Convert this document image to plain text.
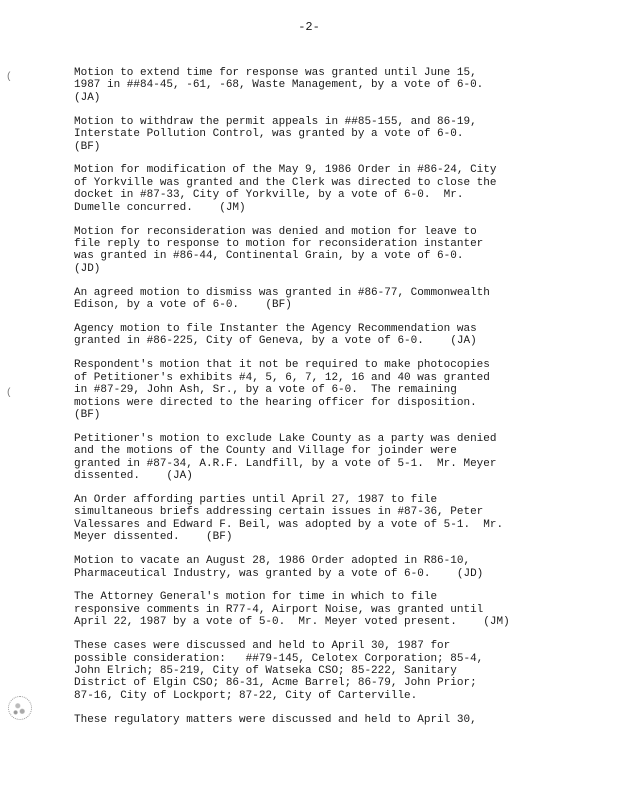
-2-
(
(
Motion to extend time for response was granted until June 15,
1987 in ##84-45, -61, -68, Waste Management, by a vote of 6-0.
(JA)
Motion to withdraw the permit appeals in ##85-155, and 86-19,
Interstate Pollution Control, was granted by a vote of 6-0.
(BF)
Motion for modification of the May 9, 1986 Order in #86-24, City
of Yorkville was granted and the Clerk was directed to close the
docket in #87-33, City of Yorkville, by a vote of 6-0.  Mr.
Dumelle concurred.    (JM)
Motion for reconsideration was denied and motion for leave to
file reply to response to motion for reconsideration instanter
was granted in #86-44, Continental Grain, by a vote of 6-0.
(JD)
An agreed motion to dismiss was granted in #86-77, Commonwealth
Edison, by a vote of 6-0.    (BF)
Agency motion to file Instanter the Agency Recommendation was
granted in #86-225, City of Geneva, by a vote of 6-0.    (JA)
Respondent's motion that it not be required to make photocopies
of Petitioner's exhibits #4, 5, 6, 7, 12, 16 and 40 was granted
in #87-29, John Ash, Sr., by a vote of 6-0.  The remaining
motions were directed to the hearing officer for disposition.
(BF)
Petitioner's motion to exclude Lake County as a party was denied
and the motions of the County and Village for joinder were
granted in #87-34, A.R.F. Landfill, by a vote of 5-1.  Mr. Meyer
dissented.    (JA)
An Order affording parties until April 27, 1987 to file
simultaneous briefs addressing certain issues in #87-36, Peter
Valessares and Edward F. Beil, was adopted by a vote of 5-1.  Mr.
Meyer dissented.    (BF)
Motion to vacate an August 28, 1986 Order adopted in R86-10,
Pharmaceutical Industry, was granted by a vote of 6-0.    (JD)
The Attorney General's motion for time in which to file
responsive comments in R77-4, Airport Noise, was granted until
April 22, 1987 by a vote of 5-0.  Mr. Meyer voted present.    (JM)
These cases were discussed and held to April 30, 1987 for
possible consideration:   ##79-145, Celotex Corporation; 85-4,
John Elrich; 85-219, City of Watseka CSO; 85-222, Sanitary
District of Elgin CSO; 86-31, Acme Barrel; 86-79, John Prior;
87-16, City of Lockport; 87-22, City of Carterville.
These regulatory matters were discussed and held to April 30,
